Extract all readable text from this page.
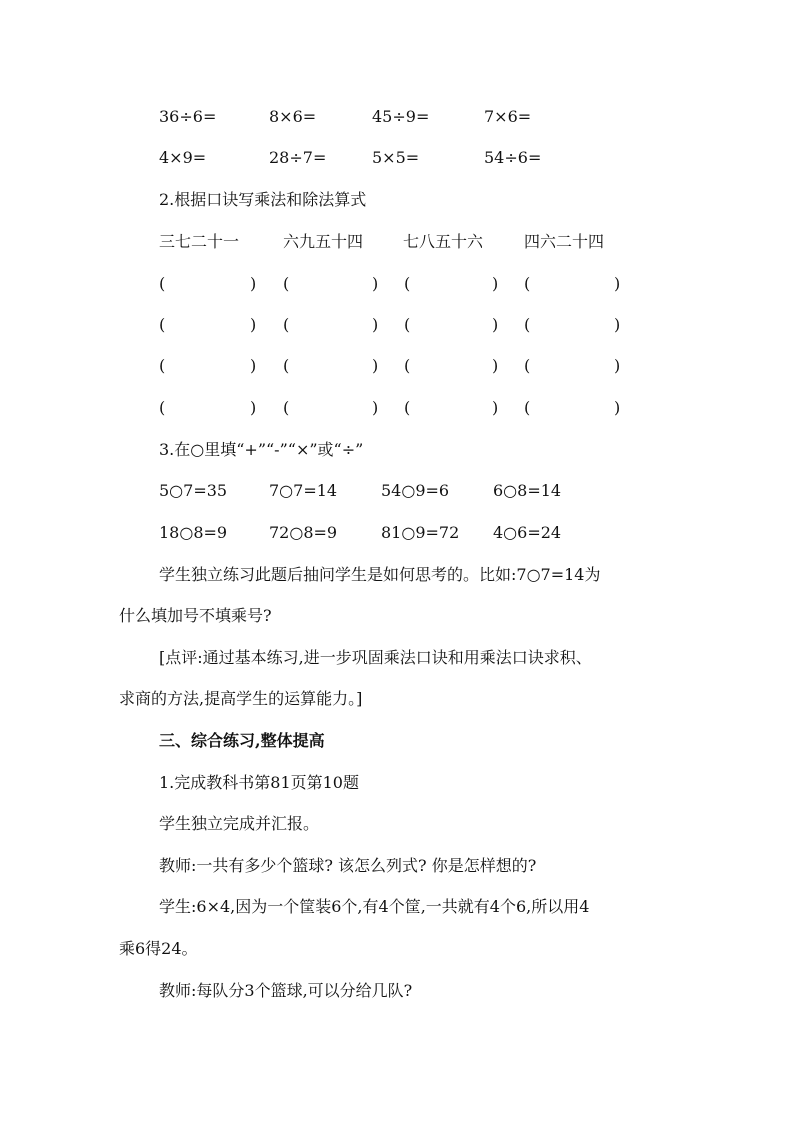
36÷6=	8×6=	45÷9=	7×6=
4×9=	28÷7=	5×5=	54÷6=
2.根据口诀写乘法和除法算式
三七二十一	六九五十四 七八五十六	四六二十四
(	) (	) (	) (	)
(	) (	) (	) (	)
(	) (	) (	) (	)
(	) (	) (	) (	)
3.在○里填“+”“-”“×”或“÷”
5○7=35	7○7=14	54○9=6	6○8=14
18○8=9	72○8=9	81○9=72 4○6=24
学生独立练习此题后抽问学生是如何思考的。比如:7○7=14为
什么填加号不填乘号?
[点评:通过基本练习,进一步巩固乘法口诀和用乘法口诀求积、
求商的方法,提高学生的运算能力。]
三、综合练习,整体提高
1.完成教科书第81页第10题
学生独立完成并汇报。
教师:一共有多少个篮球? 该怎么列式? 你是怎样想的?
学生:6×4,因为一个筐装6个,有4个筐,一共就有4个6,所以用4
乘6得24。
教师:每队分3个篮球,可以分给几队?
